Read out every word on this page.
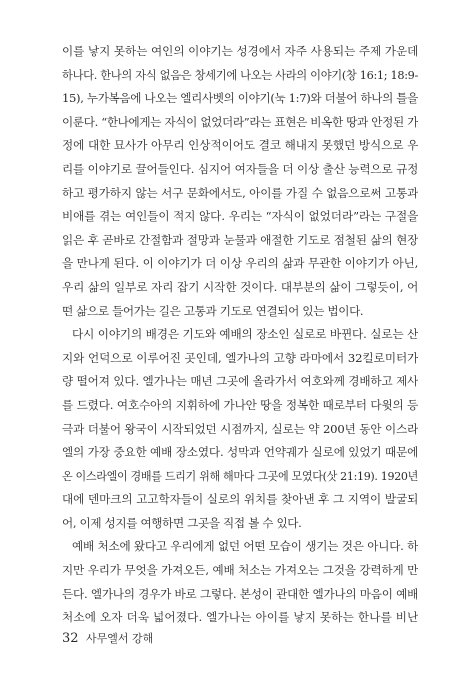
이를 낳지 못하는 여인의 이야기는 성경에서 자주 사용되는 주제 가운데
하나다. 한나의 자식 없음은 창세기에 나오는 사라의 이야기(창 16:1; 18:9-
15), 누가복음에 나오는 엘리사벳의 이야기(눅 1:7)와 더불어 하나의 틀을
이룬다. “한나에게는 자식이 없었더라”라는 표현은 비옥한 땅과 안정된 가
정에 대한 묘사가 아무리 인상적이어도 결코 해내지 못했던 방식으로 우
리를 이야기로 끌어들인다. 심지어 여자들을 더 이상 출산 능력으로 규정
하고 평가하지 않는 서구 문화에서도, 아이를 가질 수 없음으로써 고통과
비애를 겪는 여인들이 적지 않다. 우리는 “자식이 없었더라”라는 구절을
읽은 후 곧바로 간절함과 절망과 눈물과 애절한 기도로 점철된 삶의 현장
을 만나게 된다. 이 이야기가 더 이상 우리의 삶과 무관한 이야기가 아닌,
우리 삶의 일부로 자리 잡기 시작한 것이다. 대부분의 삶이 그렇듯이, 어
떤 삶으로 들어가는 길은 고통과 기도로 연결되어 있는 법이다.
다시 이야기의 배경은 기도와 예배의 장소인 실로로 바뀐다. 실로는 산
지와 언덕으로 이루어진 곳인데, 엘가나의 고향 라마에서 32킬로미터가
량 떨어져 있다. 엘가나는 매년 그곳에 올라가서 여호와께 경배하고 제사
를 드렸다. 여호수아의 지휘하에 가나안 땅을 정복한 때로부터 다윗의 등
극과 더불어 왕국이 시작되었던 시점까지, 실로는 약 200년 동안 이스라
엘의 가장 중요한 예배 장소였다. 성막과 언약궤가 실로에 있었기 때문에
온 이스라엘이 경배를 드리기 위해 해마다 그곳에 모였다(삿 21:19). 1920년
대에 덴마크의 고고학자들이 실로의 위치를 찾아낸 후 그 지역이 발굴되
어, 이제 성지를 여행하면 그곳을 직접 볼 수 있다.
예배 처소에 왔다고 우리에게 없던 어떤 모습이 생기는 것은 아니다. 하
지만 우리가 무엇을 가져오든, 예배 처소는 가져오는 그것을 강력하게 만
든다. 엘가나의 경우가 바로 그렇다. 본성이 관대한 엘가나의 마음이 예배
처소에 오자 더욱 넓어졌다. 엘가나는 아이를 낳지 못하는 한나를 비난
32 사무엘서 강해
